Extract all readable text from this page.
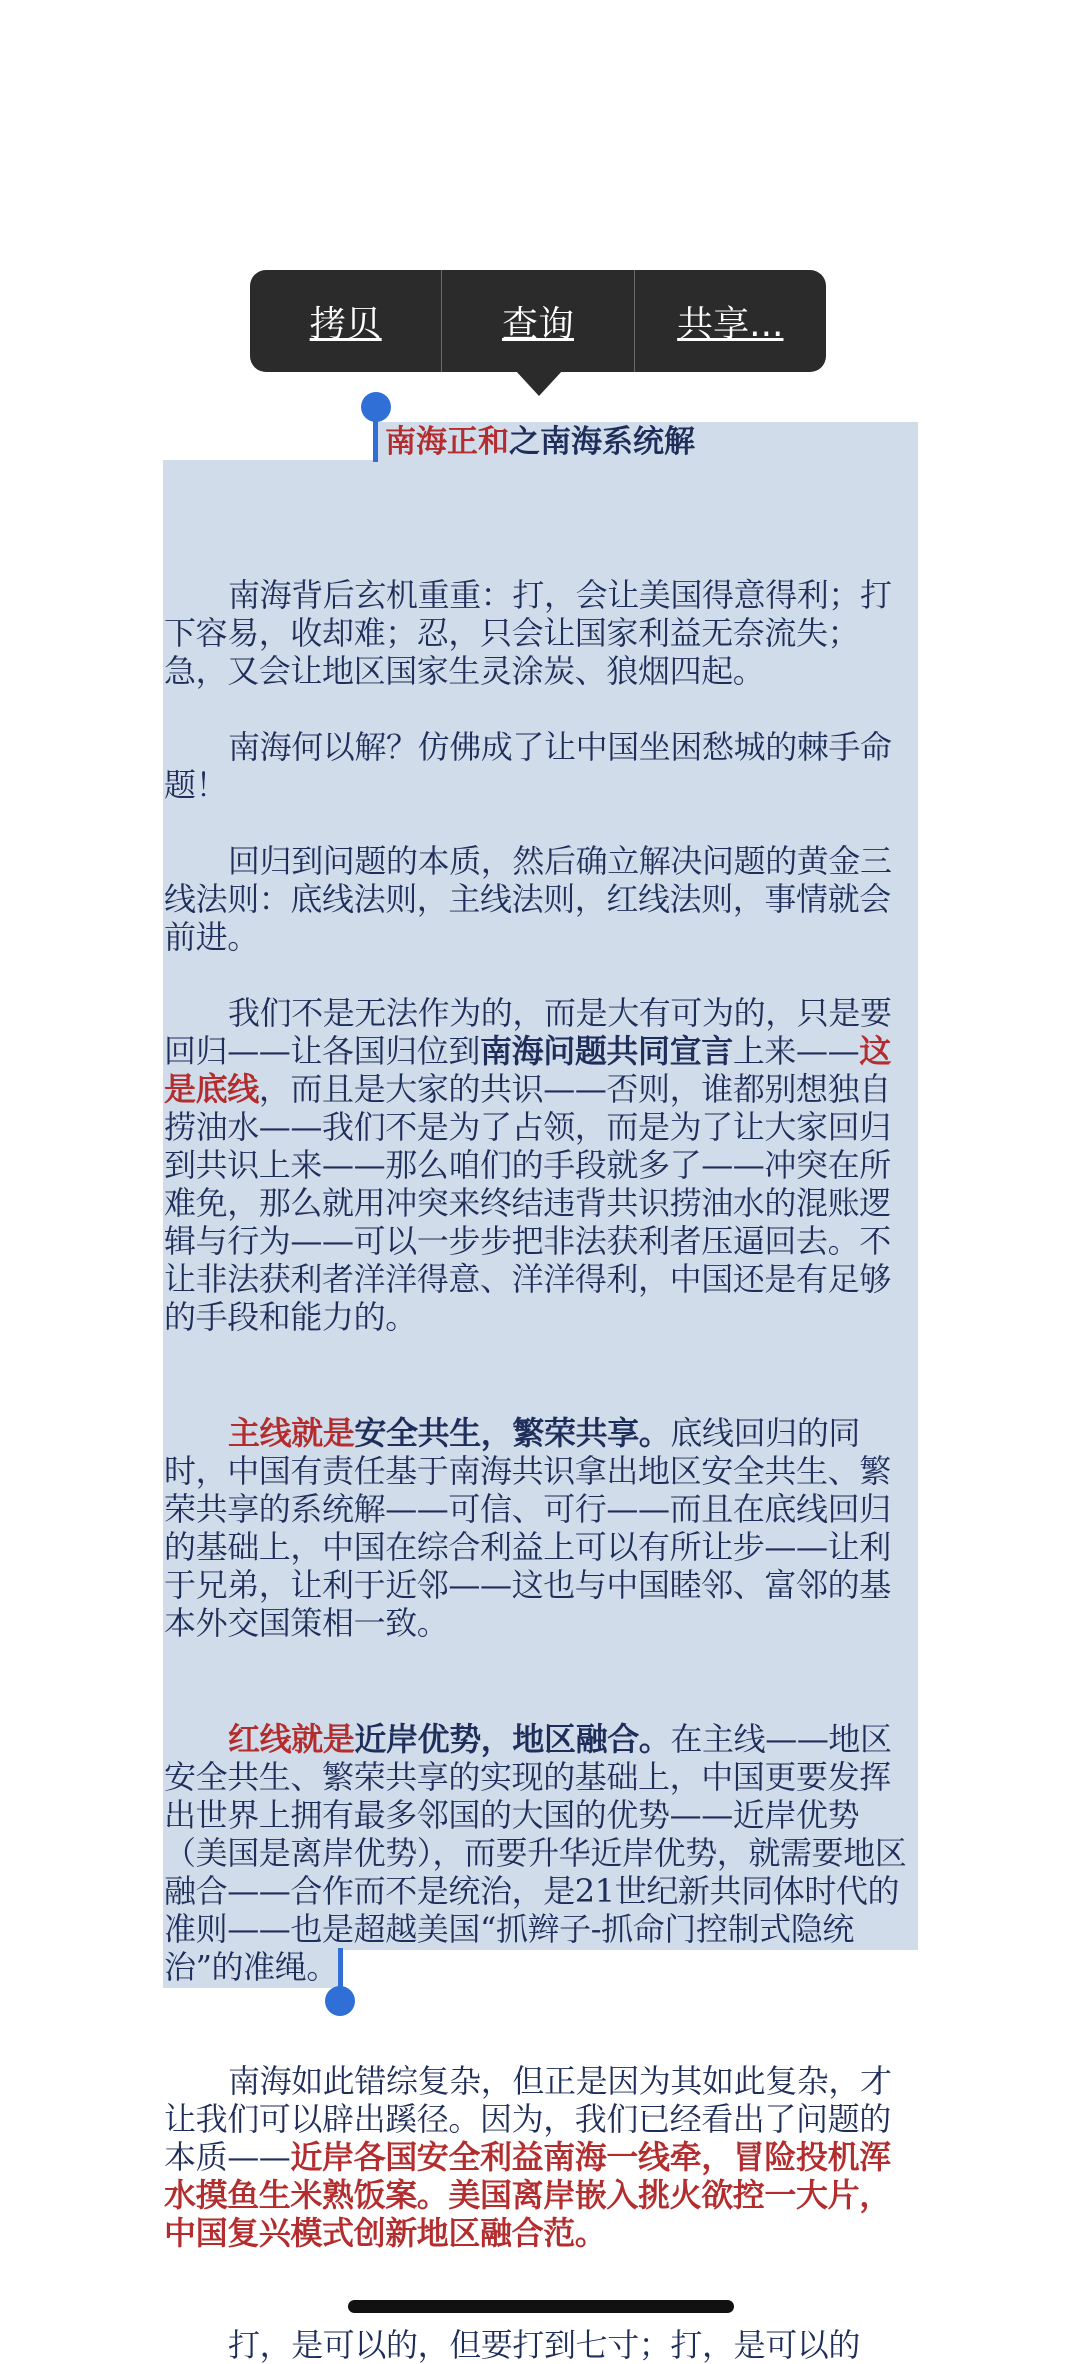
拷贝	查询	共享...
南海正和之南海系统解

南海背后玄机重重：打，会让美国得意得利；打下容易，收却难；忍，只会让国家利益无奈流失；急，又会让地区国家生灵涂炭、狼烟四起。

南海何以解？仿佛成了让中国坐困愁城的棘手命题！

回归到问题的本质，然后确立解决问题的黄金三线法则：底线法则，主线法则，红线法则，事情就会前进。

我们不是无法作为的，而是大有可为的，只是要回归——让各国归位到南海问题共同宣言上来——这是底线，而且是大家的共识——否则，谁都别想独自捞油水——我们不是为了占领，而是为了让大家回归到共识上来——那么咱们的手段就多了——冲突在所难免，那么就用冲突来终结违背共识捞油水的混账逻辑与行为——可以一步步把非法获利者压逼回去。不让非法获利者洋洋得意、洋洋得利，中国还是有足够的手段和能力的。

主线就是安全共生，繁荣共享。底线回归的同时，中国有责任基于南海共识拿出地区安全共生、繁荣共享的系统解——可信、可行——而且在底线回归的基础上，中国在综合利益上可以有所让步——让利于兄弟，让利于近邻——这也与中国睦邻、富邻的基本外交国策相一致。

红线就是近岸优势，地区融合。在主线——地区安全共生、繁荣共享的实现的基础上，中国更要发挥出世界上拥有最多邻国的大国的优势——近岸优势（美国是离岸优势），而要升华近岸优势，就需要地区融合——合作而不是统治，是21世纪新共同体时代的准则——也是超越美国“抓辫子-抓命门控制式隐统治”的准绳。

南海如此错综复杂，但正是因为其如此复杂，才让我们可以辟出蹊径。因为，我们已经看出了问题的本质——近岸各国安全利益南海一线牵，冒险投机浑水摸鱼生米熟饭案。美国离岸嵌入挑火欲控一大片，中国复兴模式创新地区融合范。

打，是可以的，但要打到七寸；打，是可以的
